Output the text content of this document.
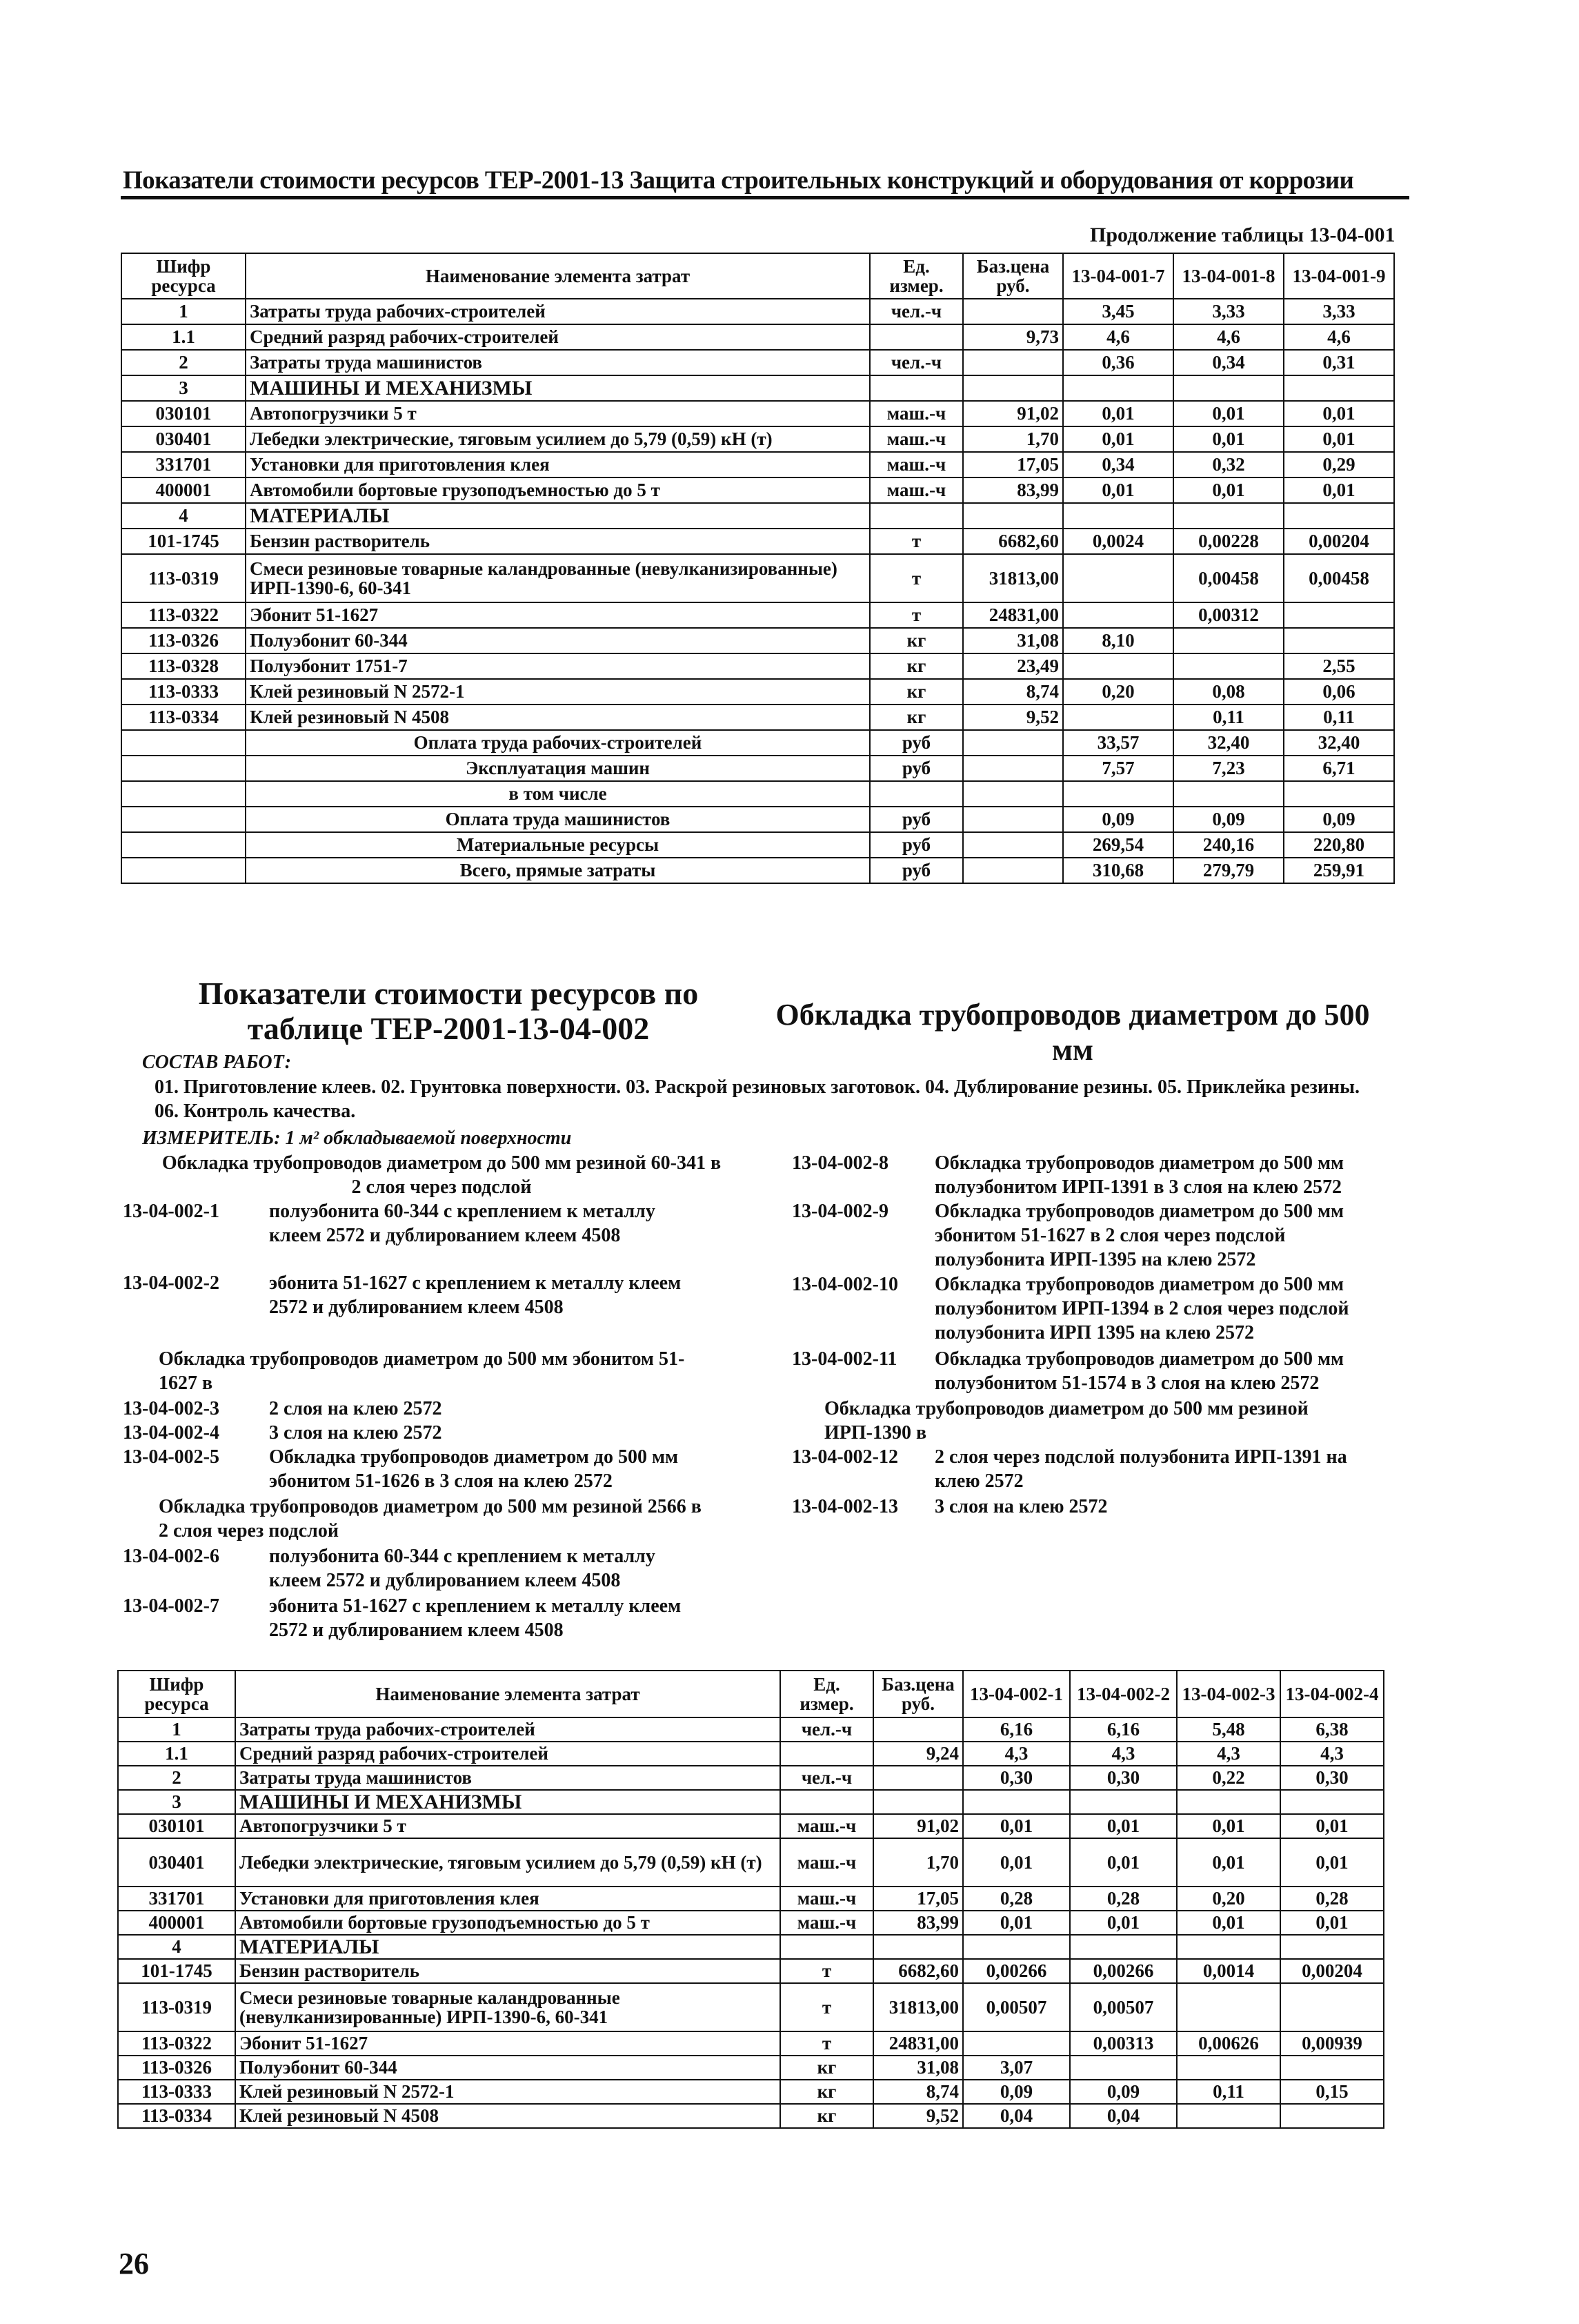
Показатели стоимости ресурсов ТЕР-2001-13 Защита строительных конструкций и оборудования от коррозии
Продолжение таблицы 13-04-001
Шифр ресурса	Наименование элемента затрат	Ед. измер.	Баз.цена руб.	13-04-001-7	13-04-001-8	13-04-001-9
1	Затраты труда рабочих-строителей	чел.-ч		3,45	3,33	3,33
1.1	Средний разряд рабочих-строителей		9,73	4,6	4,6	4,6
2	Затраты труда машинистов	чел.-ч		0,36	0,34	0,31
3	МАШИНЫ И МЕХАНИЗМЫ					
030101	Автопогрузчики 5 т	маш.-ч	91,02	0,01	0,01	0,01
030401	Лебедки электрические, тяговым усилием до 5,79 (0,59) кН (т)	маш.-ч	1,70	0,01	0,01	0,01
331701	Установки для приготовления клея	маш.-ч	17,05	0,34	0,32	0,29
400001	Автомобили бортовые грузоподъемностью до 5 т	маш.-ч	83,99	0,01	0,01	0,01
4	МАТЕРИАЛЫ					
101-1745	Бензин растворитель	т	6682,60	0,0024	0,00228	0,00204
113-0319	Смеси резиновые товарные каландрованные (невулканизированные) ИРП-1390-6, 60-341	т	31813,00		0,00458	0,00458
113-0322	Эбонит 51-1627	т	24831,00		0,00312	
113-0326	Полуэбонит 60-344	кг	31,08	8,10		
113-0328	Полуэбонит 1751-7	кг	23,49			2,55
113-0333	Клей резиновый N 2572-1	кг	8,74	0,20	0,08	0,06
113-0334	Клей резиновый N 4508	кг	9,52		0,11	0,11
	Оплата труда рабочих-строителей	руб		33,57	32,40	32,40
	Эксплуатация машин	руб		7,57	7,23	6,71
	в том числе					
	Оплата труда машинистов	руб		0,09	0,09	0,09
	Материальные ресурсы	руб		269,54	240,16	220,80
	Всего, прямые затраты	руб		310,68	279,79	259,91
Показатели стоимости ресурсов по таблице ТЕР-2001-13-04-002	Обкладка трубопроводов диаметром до 500 мм
СОСТАВ РАБОТ:
01. Приготовление клеев. 02. Грунтовка поверхности. 03. Раскрой резиновых заготовок. 04. Дублирование резины. 05. Приклейка резины. 06. Контроль качества.
ИЗМЕРИТЕЛЬ: 1 м² обкладываемой поверхности
Обкладка трубопроводов диаметром до 500 мм резиной 60-341 в 2 слоя через подслой
13-04-002-1	полуэбонита 60-344 с креплением к металлу клеем 2572 и дублированием клеем 4508
13-04-002-2	эбонита 51-1627 с креплением к металлу клеем 2572 и дублированием клеем 4508
Обкладка трубопроводов диаметром до 500 мм эбонитом 51-1627 в
13-04-002-3	2 слоя на клею 2572
13-04-002-4	3 слоя на клею 2572
13-04-002-5	Обкладка трубопроводов диаметром до 500 мм эбонитом 51-1626 в 3 слоя на клею 2572
Обкладка трубопроводов диаметром до 500 мм резиной 2566 в 2 слоя через подслой
13-04-002-6	полуэбонита 60-344 с креплением к металлу клеем 2572 и дублированием клеем 4508
13-04-002-7	эбонита 51-1627 с креплением к металлу клеем 2572 и дублированием клеем 4508
13-04-002-8 Обкладка трубопроводов диаметром до 500 мм полуэбонитом ИРП-1391 в 3 слоя на клею 2572
13-04-002-9 Обкладка трубопроводов диаметром до 500 мм эбонитом 51-1627 в 2 слоя через подслой полуэбонита ИРП-1395 на клею 2572
13-04-002-10 Обкладка трубопроводов диаметром до 500 мм полуэбонитом ИРП-1394 в 2 слоя через подслой полуэбонита ИРП 1395 на клею 2572
13-04-002-11 Обкладка трубопроводов диаметром до 500 мм полуэбонитом 51-1574 в 3 слоя на клею 2572
Обкладка трубопроводов диаметром до 500 мм резиной ИРП-1390 в
13-04-002-12 2 слоя через подслой полуэбонита ИРП-1391 на клею 2572
13-04-002-13 3 слоя на клею 2572
Шифр ресурса	Наименование элемента затрат	Ед. измер.	Баз.цена руб.	13-04-002-1	13-04-002-2	13-04-002-3	13-04-002-4
1	Затраты труда рабочих-строителей	чел.-ч		6,16	6,16	5,48	6,38
1.1	Средний разряд рабочих-строителей		9,24	4,3	4,3	4,3	4,3
2	Затраты труда машинистов	чел.-ч		0,30	0,30	0,22	0,30
3	МАШИНЫ И МЕХАНИЗМЫ						
030101	Автопогрузчики 5 т	маш.-ч	91,02	0,01	0,01	0,01	0,01
030401	Лебедки электрические, тяговым усилием до 5,79 (0,59) кН (т)	маш.-ч	1,70	0,01	0,01	0,01	0,01
331701	Установки для приготовления клея	маш.-ч	17,05	0,28	0,28	0,20	0,28
400001	Автомобили бортовые грузоподъемностью до 5 т	маш.-ч	83,99	0,01	0,01	0,01	0,01
4	МАТЕРИАЛЫ						
101-1745	Бензин растворитель	т	6682,60	0,00266	0,00266	0,0014	0,00204
113-0319	Смеси резиновые товарные каландрованные (невулканизированные) ИРП-1390-6, 60-341	т	31813,00	0,00507	0,00507		
113-0322	Эбонит 51-1627	т	24831,00		0,00313	0,00626	0,00939
113-0326	Полуэбонит 60-344	кг	31,08	3,07			
113-0333	Клей резиновый N 2572-1	кг	8,74	0,09	0,09	0,11	0,15
113-0334	Клей резиновый N 4508	кг	9,52	0,04	0,04		
26
